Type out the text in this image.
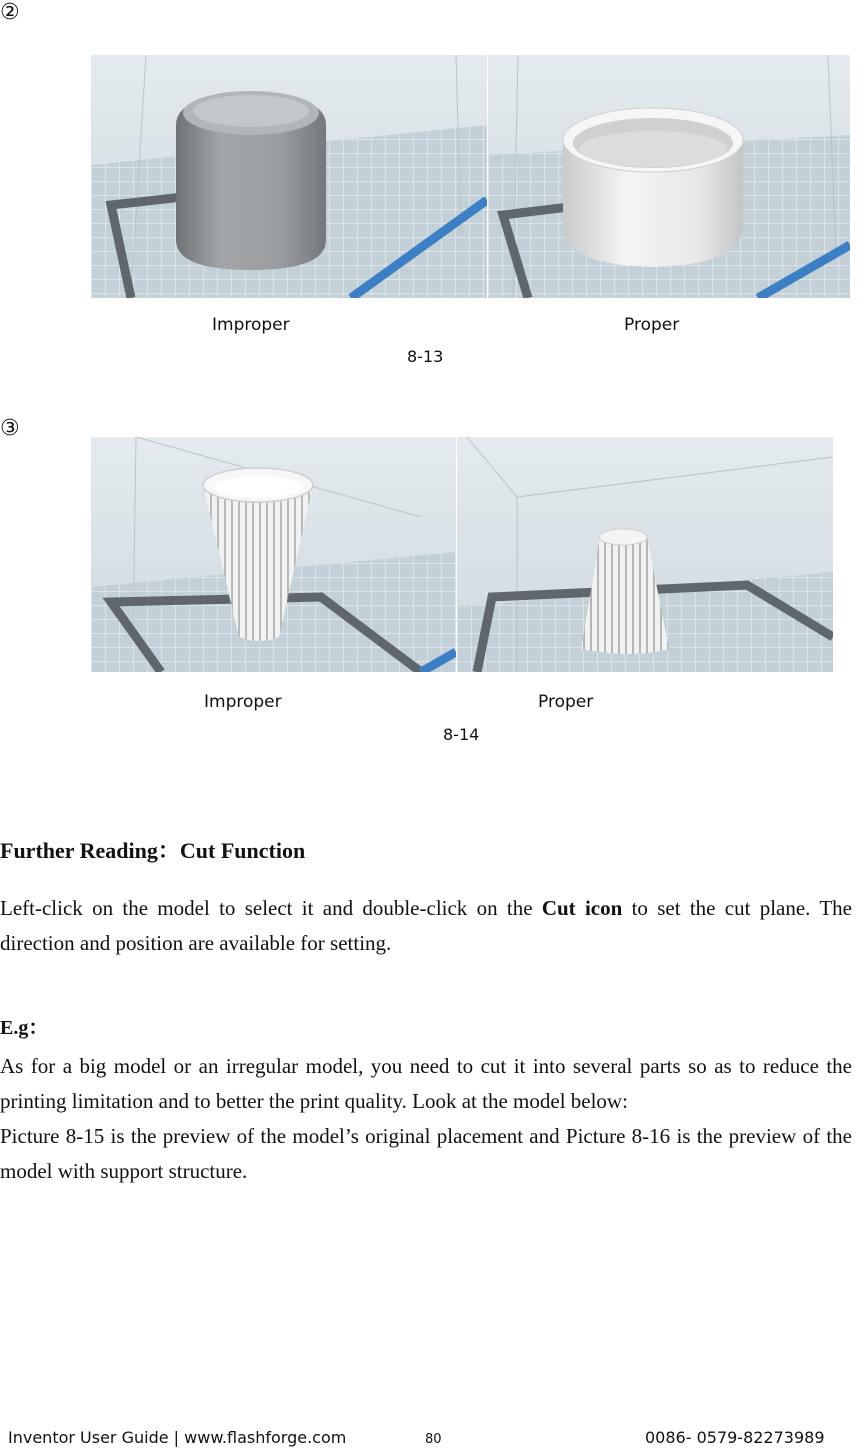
②
Improper	Proper
8-13
③
Improper	Proper
8-14
Further Reading：Cut Function
Left-click on the model to select it and double-click on the Cut icon to set the cut plane. The direction and position are available for setting.
E.g：
As for a big model or an irregular model, you need to cut it into several parts so as to reduce the printing limitation and to better the print quality. Look at the model below:
Picture 8-15 is the preview of the model’s original placement and Picture 8-16 is the preview of the model with support structure.
Inventor User Guide | www.flashforge.com	80	0086- 0579-82273989
